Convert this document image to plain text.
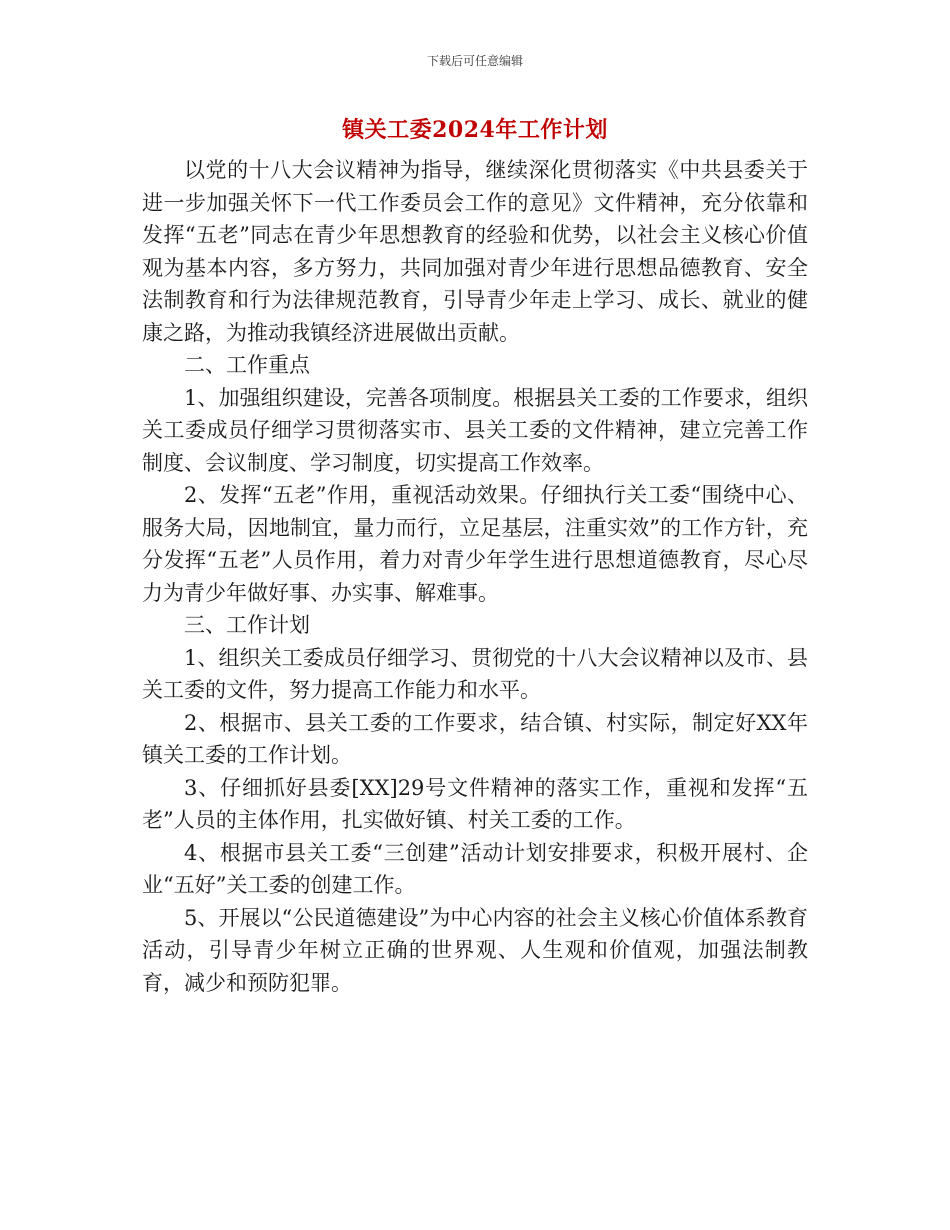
下载后可任意编辑
镇关工委2024年工作计划

以党的十八大会议精神为指导，继续深化贯彻落实《中共县委关于进一步加强关怀下一代工作委员会工作的意见》文件精神，充分依靠和发挥“五老”同志在青少年思想教育的经验和优势，以社会主义核心价值观为基本内容，多方努力，共同加强对青少年进行思想品德教育、安全法制教育和行为法律规范教育，引导青少年走上学习、成长、就业的健康之路，为推动我镇经济进展做出贡献。

二、工作重点

1、加强组织建设，完善各项制度。根据县关工委的工作要求，组织关工委成员仔细学习贯彻落实市、县关工委的文件精神，建立完善工作制度、会议制度、学习制度，切实提高工作效率。

2、发挥“五老”作用，重视活动效果。仔细执行关工委“围绕中心、服务大局，因地制宜，量力而行，立足基层，注重实效”的工作方针，充分发挥“五老”人员作用，着力对青少年学生进行思想道德教育，尽心尽力为青少年做好事、办实事、解难事。

三、工作计划

1、组织关工委成员仔细学习、贯彻党的十八大会议精神以及市、县关工委的文件，努力提高工作能力和水平。

2、根据市、县关工委的工作要求，结合镇、村实际，制定好XX年镇关工委的工作计划。

3、仔细抓好县委[XX]29号文件精神的落实工作，重视和发挥“五老”人员的主体作用，扎实做好镇、村关工委的工作。

4、根据市县关工委“三创建”活动计划安排要求，积极开展村、企业“五好”关工委的创建工作。

5、开展以“公民道德建设”为中心内容的社会主义核心价值体系教育活动，引导青少年树立正确的世界观、人生观和价值观，加强法制教育，减少和预防犯罪。
